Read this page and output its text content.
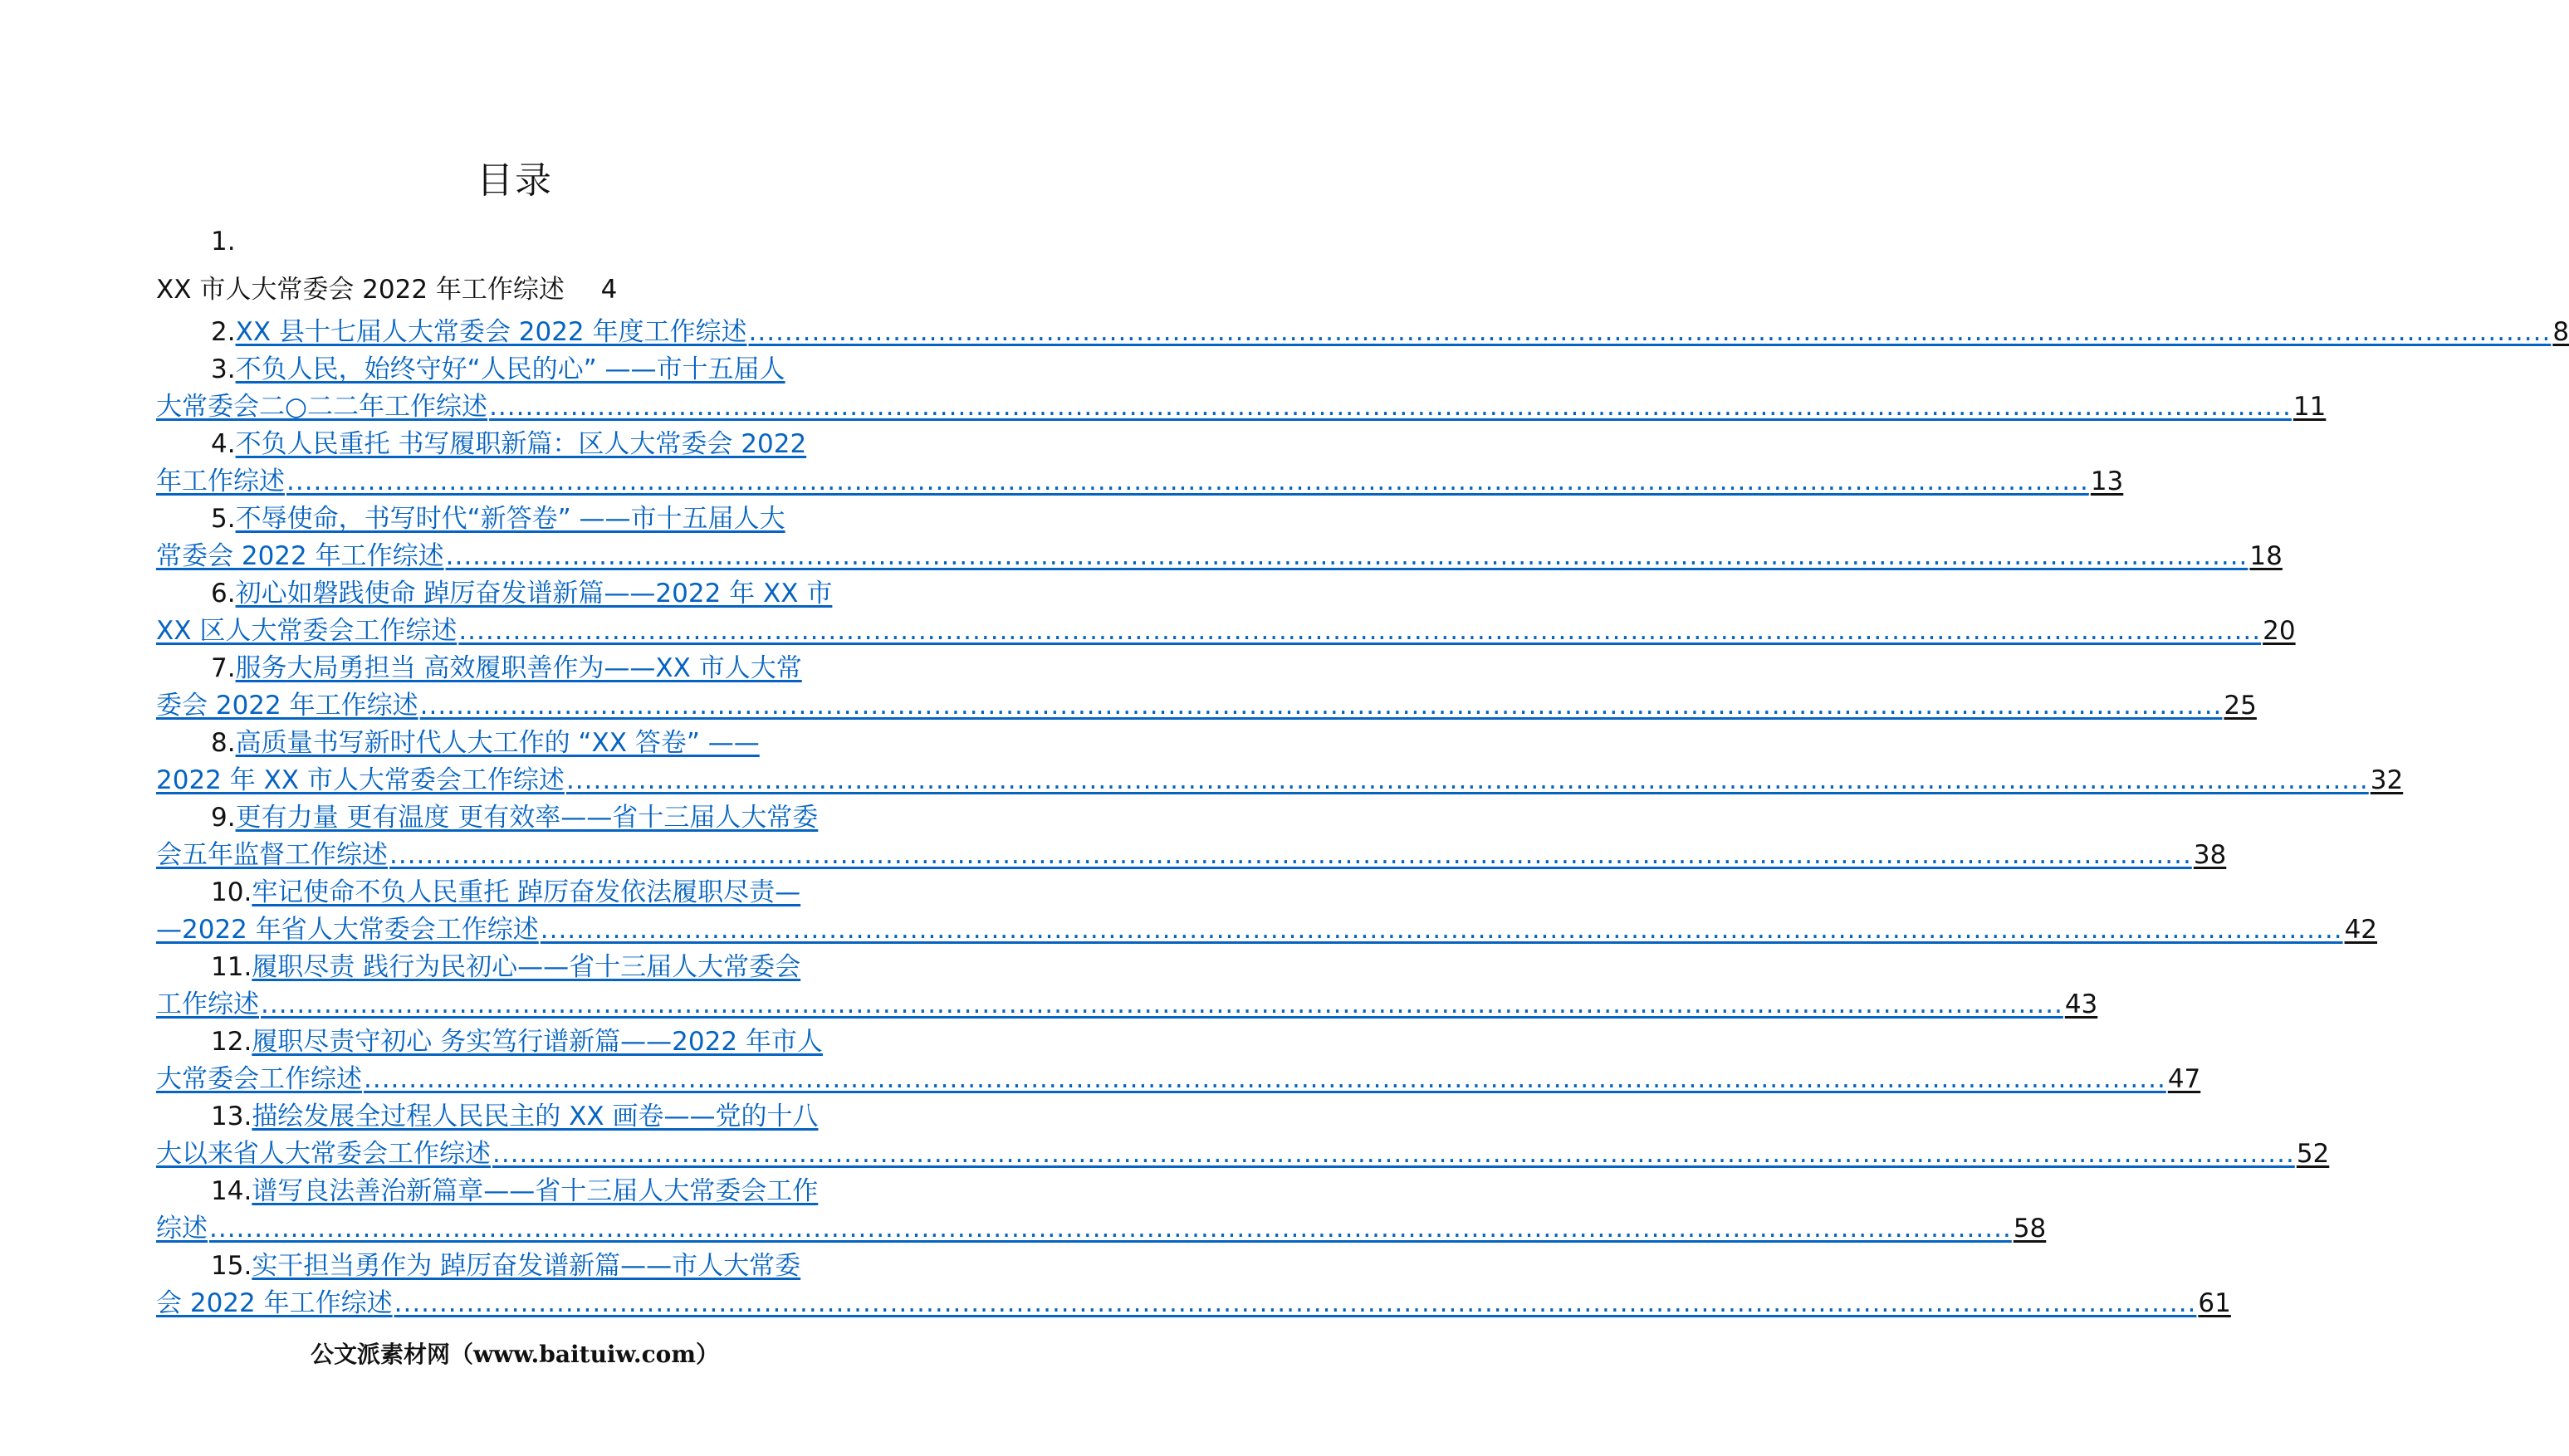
目录
1.
XX 市人大常委会 2022 年工作综述 4
2. XX 县十七届人大常委会 2022 年度工作综述 ........................................................................................................................................................................................................ 8
3.不负人民，始终守好“人民的心” ——市十五届人
大常委会二○二二年工作综述 ........................................................................................................................................................................................................ 11
4.不负人民重托 书写履职新篇：区人大常委会 2022
年工作综述 ........................................................................................................................................................................................................ 13
5.不辱使命，书写时代“新答卷” ——市十五届人大
常委会 2022 年工作综述 ........................................................................................................................................................................................................ 18
6.初心如磐践使命 踔厉奋发谱新篇——2022 年 XX 市
XX 区人大常委会工作综述 ........................................................................................................................................................................................................ 20
7.服务大局勇担当 高效履职善作为——XX 市人大常
委会 2022 年工作综述 ........................................................................................................................................................................................................ 25
8.高质量书写新时代人大工作的 “XX 答卷” ——
2022 年 XX 市人大常委会工作综述 ........................................................................................................................................................................................................ 32
9.更有力量 更有温度 更有效率——省十三届人大常委
会五年监督工作综述 ........................................................................................................................................................................................................ 38
10.牢记使命不负人民重托 踔厉奋发依法履职尽责—
—2022 年省人大常委会工作综述 ........................................................................................................................................................................................................ 42
11.履职尽责 践行为民初心——省十三届人大常委会
工作综述 ........................................................................................................................................................................................................ 43
12.履职尽责守初心 务实笃行谱新篇——2022 年市人
大常委会工作综述 ........................................................................................................................................................................................................ 47
13.描绘发展全过程人民民主的 XX 画卷——党的十八
大以来省人大常委会工作综述 ........................................................................................................................................................................................................ 52
14.谱写良法善治新篇章——省十三届人大常委会工作
综述 ........................................................................................................................................................................................................ 58
15.实干担当勇作为 踔厉奋发谱新篇——市人大常委
会 2022 年工作综述 ........................................................................................................................................................................................................ 61
公文派素材网（www.baituiw.com）
